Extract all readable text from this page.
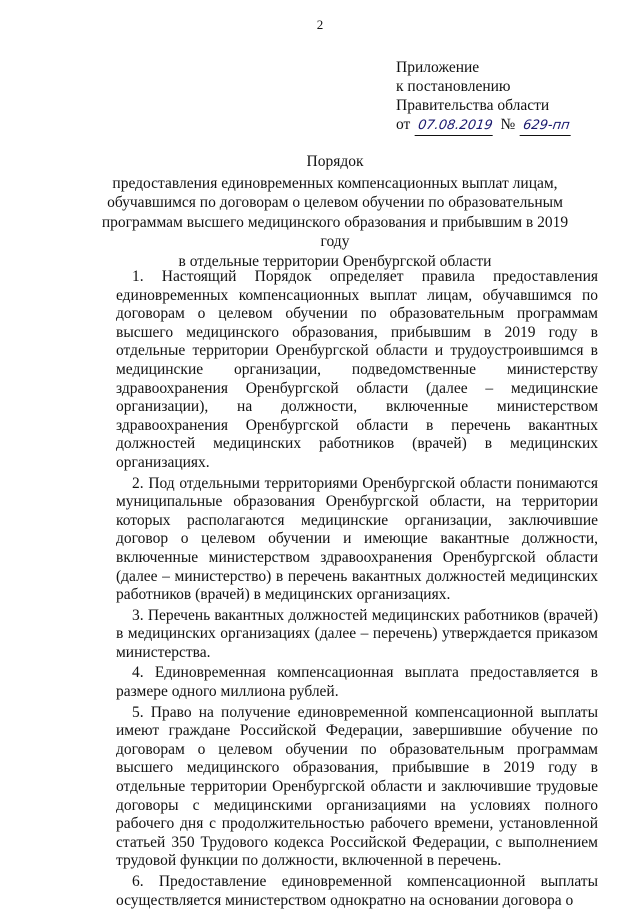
2
Приложение
к постановлению
Правительства области
от 07.08.2019 № 629-пп
Порядок
предоставления единовременных компенсационных выплат лицам,
обучавшимся по договорам о целевом обучении по образовательным
программам высшего медицинского образования и прибывшим в 2019 году
в отдельные территории Оренбургской области

1. Настоящий Порядок определяет правила предоставления единовременных компенсационных выплат лицам, обучавшимся по договорам о целевом обучении по образовательным программам высшего медицинского образования, прибывшим в 2019 году в отдельные территории Оренбургской области и трудоустроившимся в медицинские организации, подведомственные министерству здравоохранения Оренбургской области (далее – медицинские организации), на должности, включенные министерством здравоохранения Оренбургской области в перечень вакантных должностей медицинских работников (врачей) в медицинских организациях.

2. Под отдельными территориями Оренбургской области понимаются муниципальные образования Оренбургской области, на территории которых располагаются медицинские организации, заключившие договор о целевом обучении и имеющие вакантные должности, включенные министерством здравоохранения Оренбургской области (далее – министерство) в перечень вакантных должностей медицинских работников (врачей) в медицинских организациях.

3. Перечень вакантных должностей медицинских работников (врачей) в медицинских организациях (далее – перечень) утверждается приказом министерства.

4. Единовременная компенсационная выплата предоставляется в размере одного миллиона рублей.

5. Право на получение единовременной компенсационной выплаты имеют граждане Российской Федерации, завершившие обучение по договорам о целевом обучении по образовательным программам высшего медицинского образования, прибывшие в 2019 году в отдельные территории Оренбургской области и заключившие трудовые договоры с медицинскими организациями на условиях полного рабочего дня с продолжительностью рабочего времени, установленной статьей 350 Трудового кодекса Российской Федерации, с выполнением трудовой функции по должности, включенной в перечень.

6. Предоставление единовременной компенсационной выплаты осуществляется министерством однократно на основании договора о
